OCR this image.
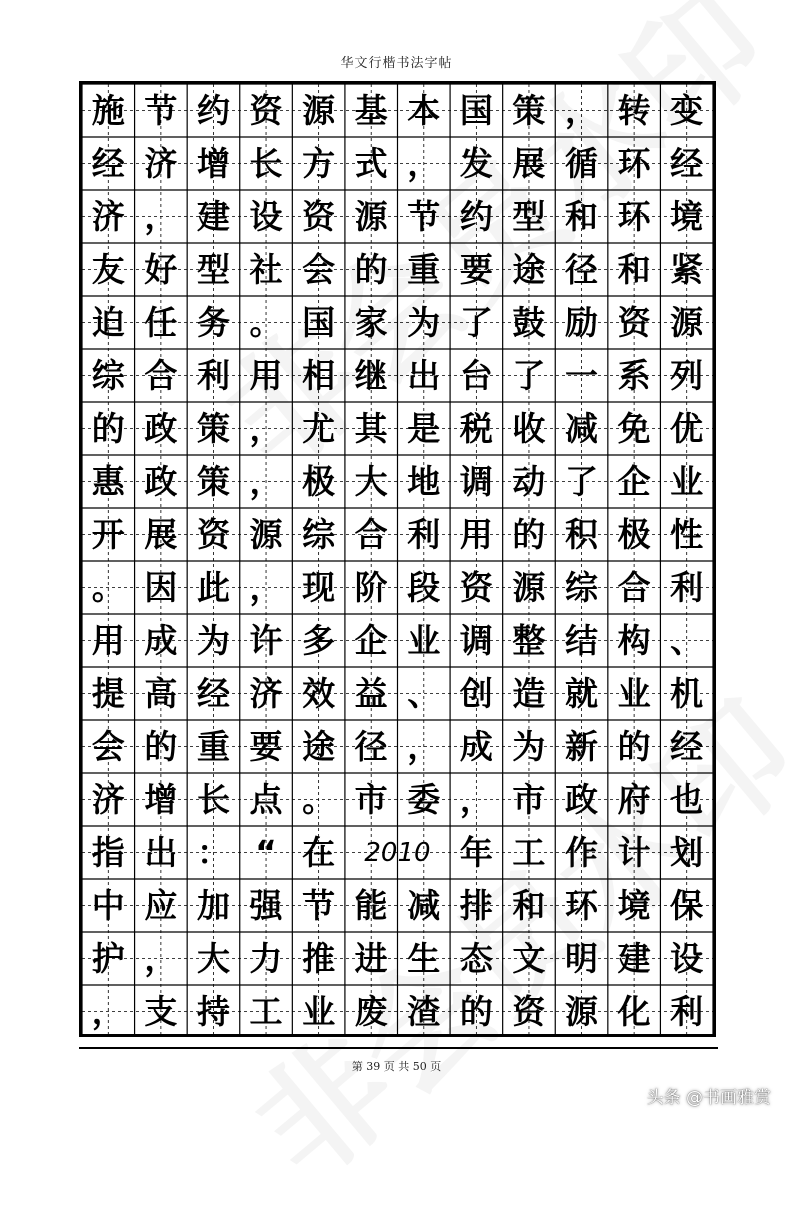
华文行楷书法字帖
施 节 约 资 源 基 本 国 策 ， 转 变
经 济 增 长 方 式 ， 发 展 循 环 经
济 ， 建 设 资 源 节 约 型 和 环 境
友 好 型 社 会 的 重 要 途 径 和 紧
迫 任 务 。 国 家 为 了 鼓 励 资 源
综 合 利 用 相 继 出 台 了 一 系 列
的 政 策 ， 尤 其 是 税 收 减 免 优
惠 政 策 ， 极 大 地 调 动 了 企 业
开 展 资 源 综 合 利 用 的 积 极 性
。 因 此 ， 现 阶 段 资 源 综 合 利
用 成 为 许 多 企 业 调 整 结 构 、
提 高 经 济 效 益 、 创 造 就 业 机
会 的 重 要 途 径 ， 成 为 新 的 经
济 增 长 点 。 市 委 ， 市 政 府 也
指 出 ： “ 在	2010 年 工 作 计 划
中 应 加 强 节 能 减 排 和 环 境 保
护 ， 大 力 推 进 生 态 文 明 建 设
， 支 持 工 业 废 渣 的 资 源 化 利
第 39 页 共 50 页
头条 @书画雅赏
